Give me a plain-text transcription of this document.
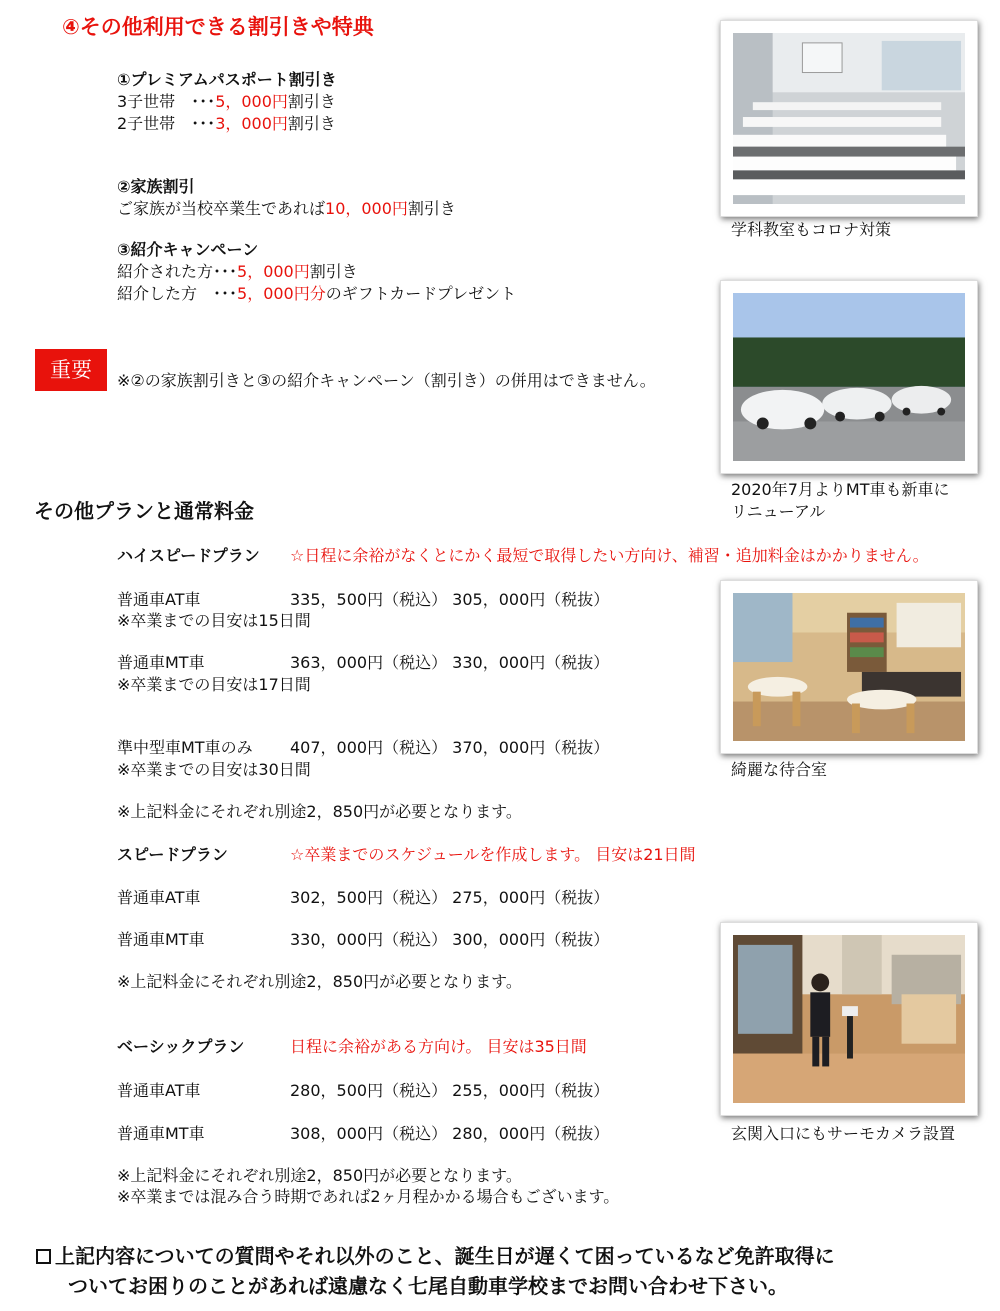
④その他利用できる割引きや特典
①プレミアムパスポート割引き
3子世帯　･･･5，000円割引き
2子世帯　･･･3，000円割引き
②家族割引
ご家族が当校卒業生であれば10，000円割引き
③紹介キャンペーン
紹介された方･･･5，000円割引き
紹介した方　･･･5，000円分のギフトカードプレゼント
重要	※②の家族割引きと③の紹介キャンペーン（割引き）の併用はできません。
その他プランと通常料金
ハイスピードプラン ☆日程に余裕がなくとにかく最短で取得したい方向け、補習・追加料金はかかりません。
普通車AT車	335，500円（税込） 305，000円（税抜）
※卒業までの目安は15日間
普通車MT車	363，000円（税込） 330，000円（税抜）
※卒業までの目安は17日間
準中型車MT車のみ 407，000円（税込） 370，000円（税抜）
※卒業までの目安は30日間
※上記料金にそれぞれ別途2，850円が必要となります。
スピードプラン	☆卒業までのスケジュールを作成します。 目安は21日間
普通車AT車	302，500円（税込） 275，000円（税抜）
普通車MT車	330，000円（税込） 300，000円（税抜）
※上記料金にそれぞれ別途2，850円が必要となります。
ベーシックプラン	日程に余裕がある方向け。 目安は35日間
普通車AT車	280，500円（税込） 255，000円（税抜）
普通車MT車	308，000円（税込） 280，000円（税抜）
※上記料金にそれぞれ別途2，850円が必要となります。
※卒業までは混み合う時期であれば2ヶ月程かかる場合もございます。
学科教室もコロナ対策
2020年7月よりMT車も新車に
リニューアル
綺麗な待合室
玄関入口にもサーモカメラ設置
上記内容についての質問やそれ以外のこと、誕生日が遅くて困っているなど免許取得に
ついてお困りのことがあれば遠慮なく七尾自動車学校までお問い合わせ下さい。
